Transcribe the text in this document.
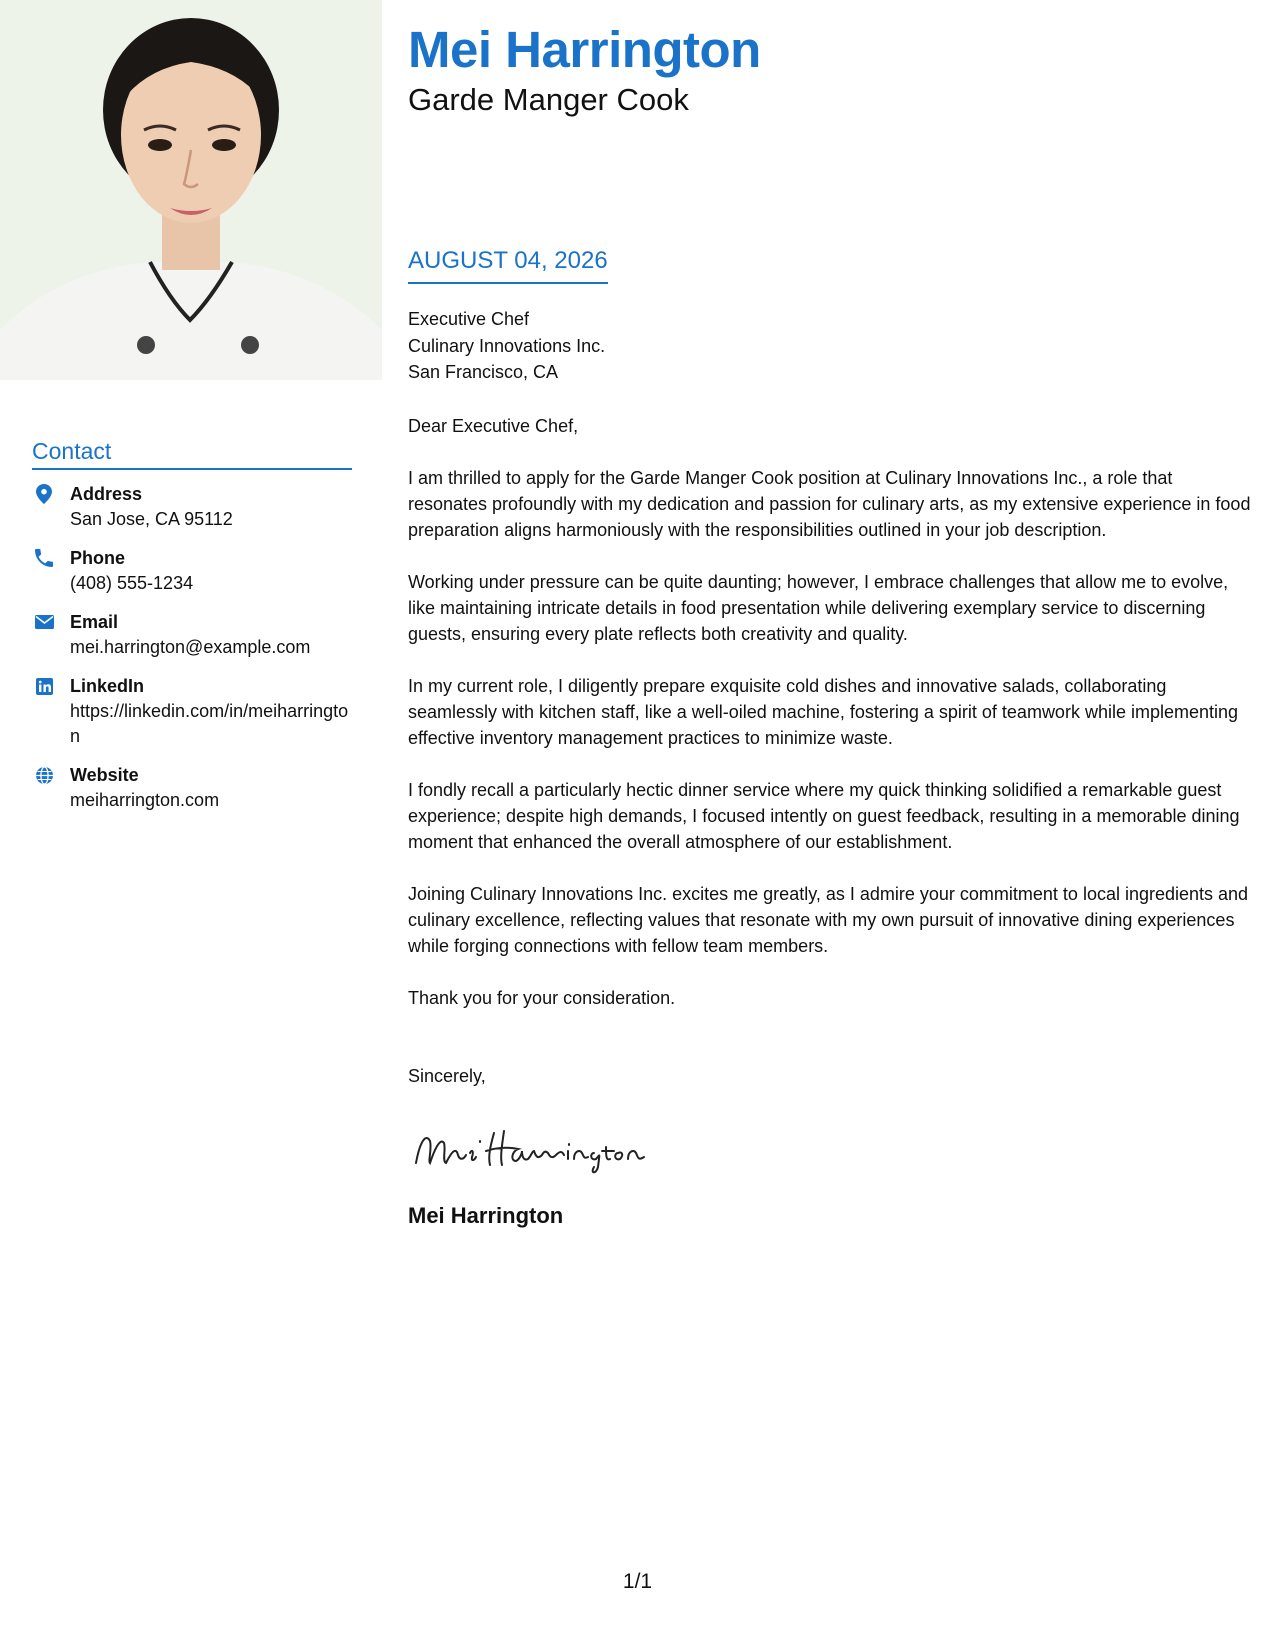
Mei Harrington
Garde Manger Cook
Contact
Address
San Jose, CA 95112
Phone
(408) 555-1234
Email
mei.harrington@example.com
LinkedIn
https://linkedin.com/in/meiharrington
Website
meiharrington.com
AUGUST 04, 2026
Executive Chef
Culinary Innovations Inc.
San Francisco, CA
Dear Executive Chef,
I am thrilled to apply for the Garde Manger Cook position at Culinary Innovations Inc., a role that resonates profoundly with my dedication and passion for culinary arts, as my extensive experience in food preparation aligns harmoniously with the responsibilities outlined in your job description.
Working under pressure can be quite daunting; however, I embrace challenges that allow me to evolve, like maintaining intricate details in food presentation while delivering exemplary service to discerning guests, ensuring every plate reflects both creativity and quality.
In my current role, I diligently prepare exquisite cold dishes and innovative salads, collaborating seamlessly with kitchen staff, like a well-oiled machine, fostering a spirit of teamwork while implementing effective inventory management practices to minimize waste.
I fondly recall a particularly hectic dinner service where my quick thinking solidified a remarkable guest experience; despite high demands, I focused intently on guest feedback, resulting in a memorable dining moment that enhanced the overall atmosphere of our establishment.
Joining Culinary Innovations Inc. excites me greatly, as I admire your commitment to local ingredients and culinary excellence, reflecting values that resonate with my own pursuit of innovative dining experiences while forging connections with fellow team members.
Thank you for your consideration.
Sincerely,
Mei Harrington
1/1
